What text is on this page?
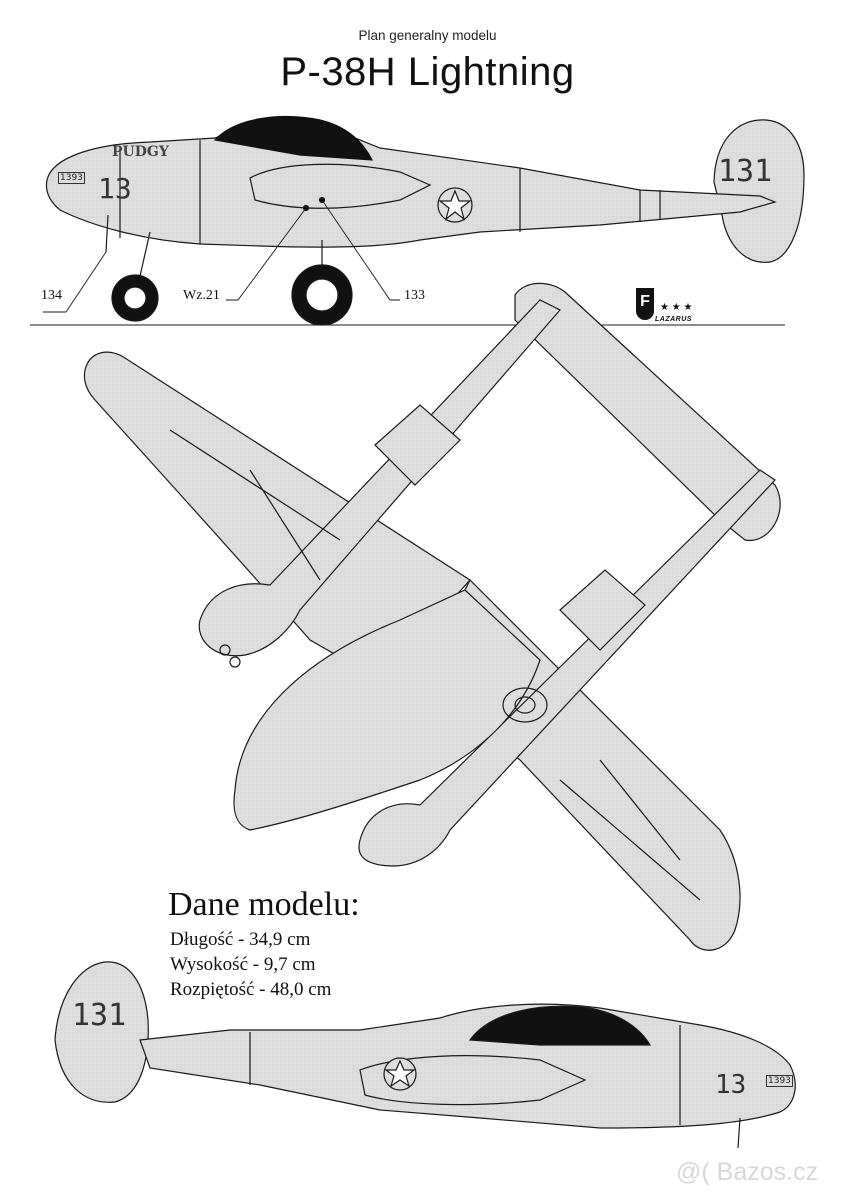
Plan generalny modelu
P-38H Lightning
131
13
PUDGY
1393
131
13 1393
134	Wz.21	133	F	★ ★ ★
LAZARUS
Dane modelu:
Długość - 34,9 cm
Wysokość - 9,7 cm
Rozpiętość - 48,0 cm
@( Bazos.cz
